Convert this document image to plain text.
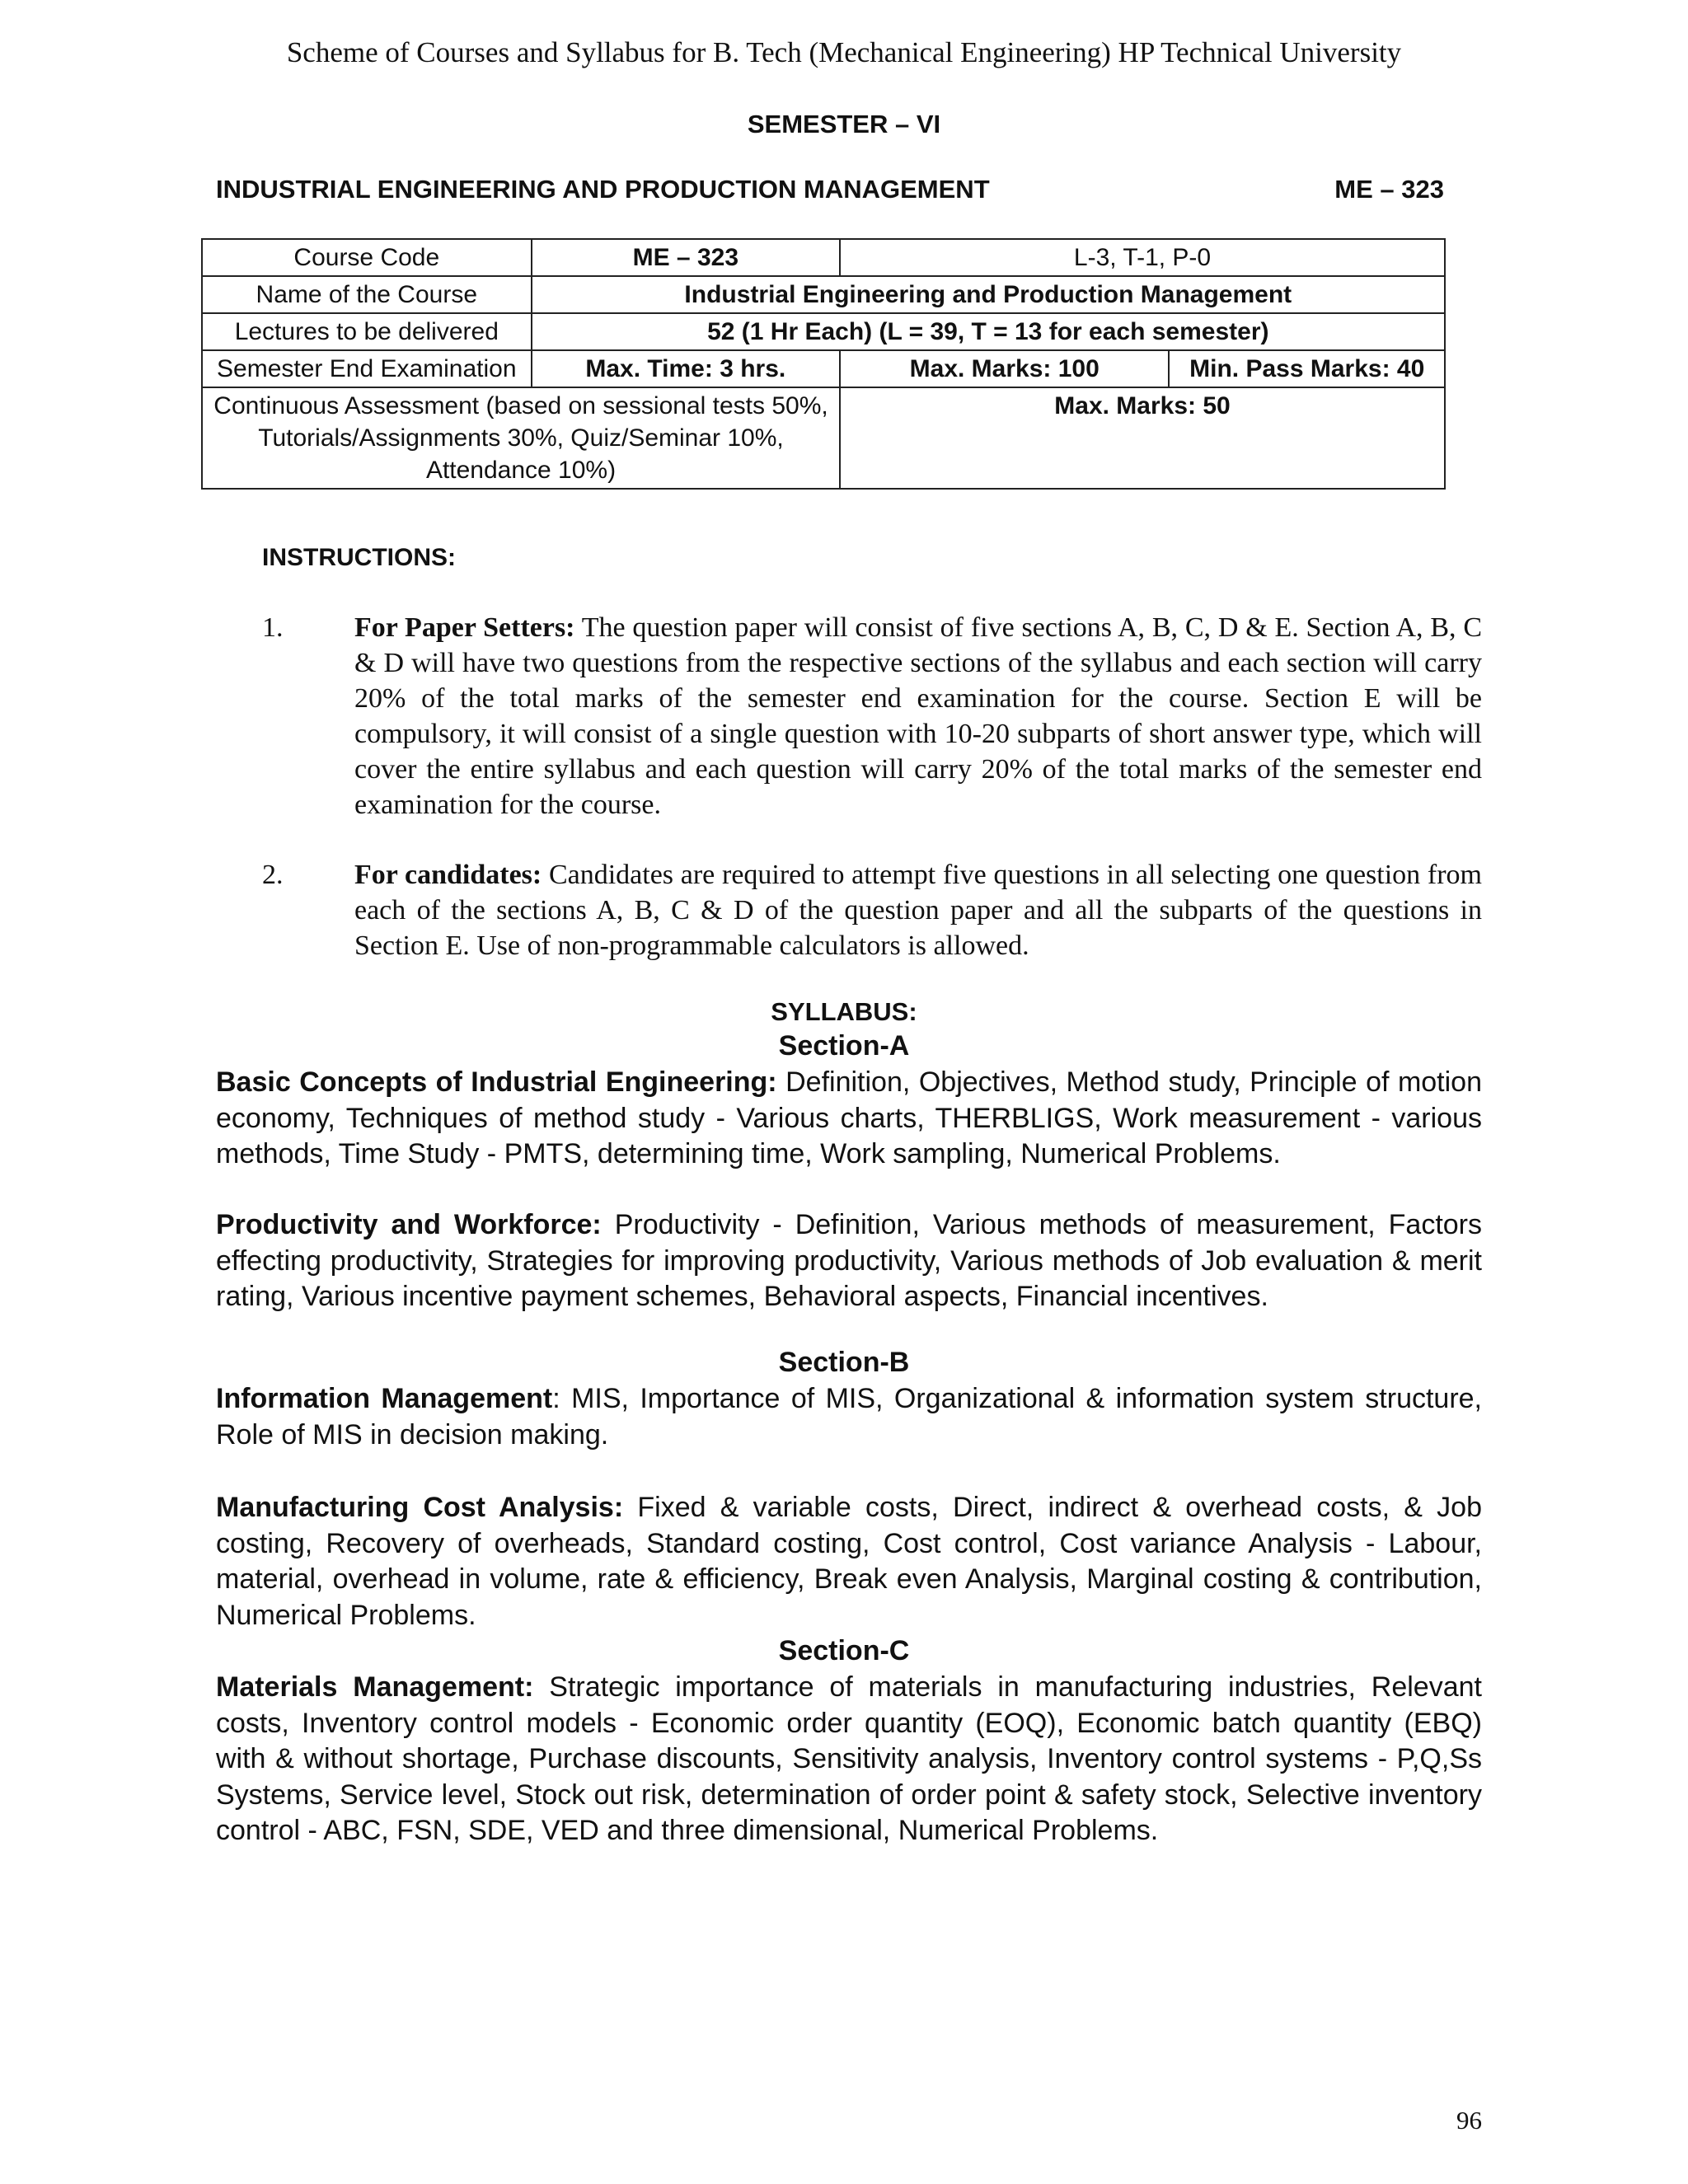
Scheme of Courses and Syllabus for B. Tech (Mechanical Engineering) HP Technical University
SEMESTER – VI
INDUSTRIAL ENGINEERING AND PRODUCTION MANAGEMENT	ME – 323
Course Code	ME – 323	L-3, T-1, P-0	
Name of the Course	Industrial Engineering and Production Management		
Lectures to be delivered	52 (1 Hr Each) (L = 39, T = 13 for each semester)		
Semester End Examination	Max. Time: 3 hrs.	Max. Marks: 100	Min. Pass Marks: 40
Continuous Assessment (based on sessional tests 50%, Tutorials/Assignments 30%, Quiz/Seminar 10%, Attendance 10%)		Max. Marks: 50	
INSTRUCTIONS:
1.	For Paper Setters: The question paper will consist of five sections A, B, C, D & E. Section A, B, C & D will have two questions from the respective sections of the syllabus and each section will carry 20% of the total marks of the semester end examination for the course. Section E will be compulsory, it will consist of a single question with 10-20 subparts of short answer type, which will cover the entire syllabus and each question will carry 20% of the total marks of the semester end examination for the course.
2.	For candidates: Candidates are required to attempt five questions in all selecting one question from each of the sections A, B, C & D of the question paper and all the subparts of the questions in Section E. Use of non-programmable calculators is allowed.
SYLLABUS:
Section-A
Basic Concepts of Industrial Engineering: Definition, Objectives, Method study, Principle of motion economy, Techniques of method study - Various charts, THERBLIGS, Work measurement - various methods, Time Study - PMTS, determining time, Work sampling, Numerical Problems.
Productivity and Workforce: Productivity - Definition, Various methods of measurement, Factors effecting productivity, Strategies for improving productivity, Various methods of Job evaluation & merit rating, Various incentive payment schemes, Behavioral aspects, Financial incentives.
Section-B
Information Management: MIS, Importance of MIS, Organizational & information system structure, Role of MIS in decision making.
Manufacturing Cost Analysis: Fixed & variable costs, Direct, indirect & overhead costs, & Job costing, Recovery of overheads, Standard costing, Cost control, Cost variance Analysis - Labour, material, overhead in volume, rate & efficiency, Break even Analysis, Marginal costing & contribution, Numerical Problems.
Section-C
Materials Management: Strategic importance of materials in manufacturing industries, Relevant costs, Inventory control models - Economic order quantity (EOQ), Economic batch quantity (EBQ) with & without shortage, Purchase discounts, Sensitivity analysis, Inventory control systems - P,Q,Ss Systems, Service level, Stock out risk, determination of order point & safety stock, Selective inventory control - ABC, FSN, SDE, VED and three dimensional, Numerical Problems.
96
